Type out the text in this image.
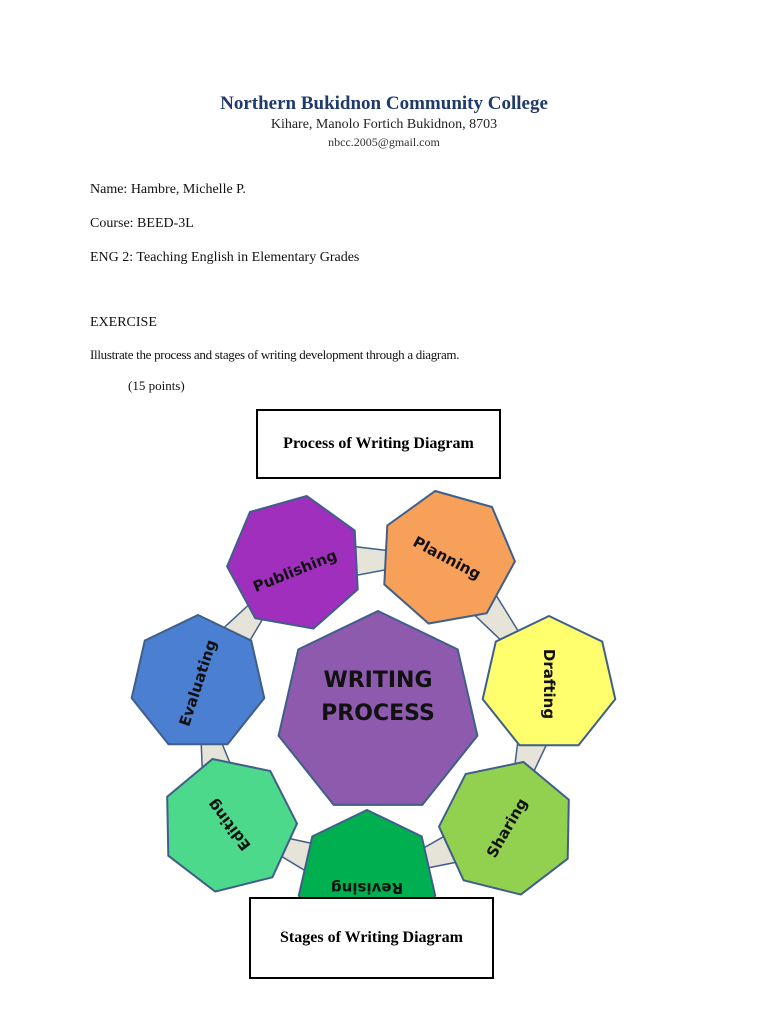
Northern Bukidnon Community College
Kihare, Manolo Fortich Bukidnon, 8703
nbcc.2005@gmail.com
Name: Hambre, Michelle P.
Course: BEED-3L
ENG 2: Teaching English in Elementary Grades
EXERCISE
Illustrate the process and stages of writing development through a diagram.
(15 points)
Process of Writing Diagram
WRITING
PROCESS
Publishing	Planning
Drafting
Sharing
Revising
Editing
Evaluating
Stages of Writing Diagram
